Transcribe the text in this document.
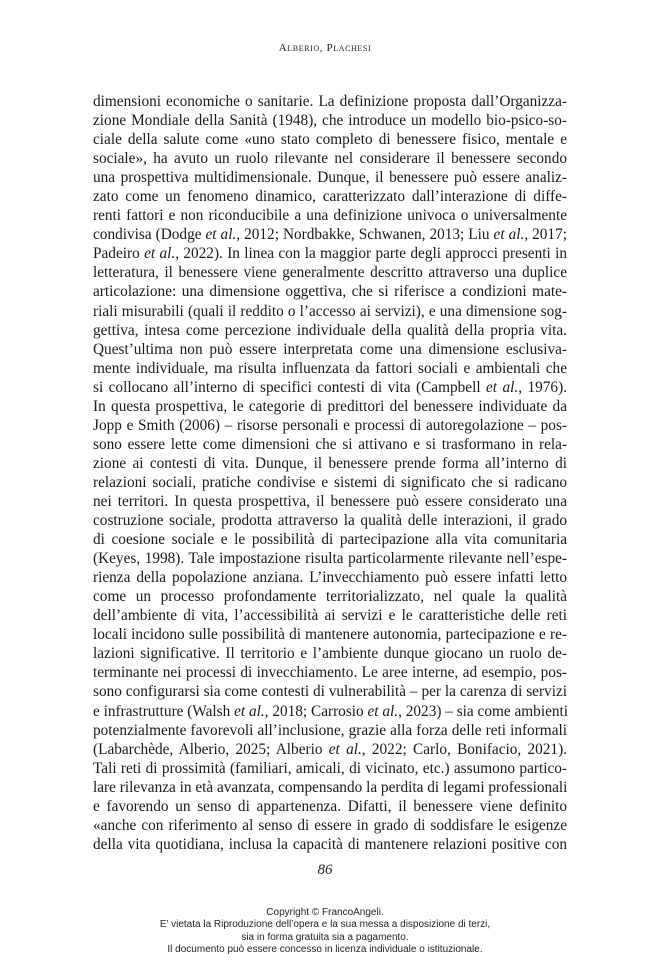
Alberio, Plachesi
dimensioni economiche o sanitarie. La definizione proposta dall’Organizza-
zione Mondiale della Sanità (1948), che introduce un modello bio-psico-so-
ciale della salute come «uno stato completo di benessere fisico, mentale e
sociale», ha avuto un ruolo rilevante nel considerare il benessere secondo
una prospettiva multidimensionale. Dunque, il benessere può essere analiz-
zato come un fenomeno dinamico, caratterizzato dall’interazione di diffe-
renti fattori e non riconducibile a una definizione univoca o universalmente
condivisa (Dodge et al., 2012; Nordbakke, Schwanen, 2013; Liu et al., 2017;
Padeiro et al., 2022). In linea con la maggior parte degli approcci presenti in
letteratura, il benessere viene generalmente descritto attraverso una duplice
articolazione: una dimensione oggettiva, che si riferisce a condizioni mate-
riali misurabili (quali il reddito o l’accesso ai servizi), e una dimensione sog-
gettiva, intesa come percezione individuale della qualità della propria vita.
Quest’ultima non può essere interpretata come una dimensione esclusiva-
mente individuale, ma risulta influenzata da fattori sociali e ambientali che
si collocano all’interno di specifici contesti di vita (Campbell et al., 1976).
In questa prospettiva, le categorie di predittori del benessere individuate da
Jopp e Smith (2006) – risorse personali e processi di autoregolazione – pos-
sono essere lette come dimensioni che si attivano e si trasformano in rela-
zione ai contesti di vita. Dunque, il benessere prende forma all’interno di
relazioni sociali, pratiche condivise e sistemi di significato che si radicano
nei territori. In questa prospettiva, il benessere può essere considerato una
costruzione sociale, prodotta attraverso la qualità delle interazioni, il grado
di coesione sociale e le possibilità di partecipazione alla vita comunitaria
(Keyes, 1998). Tale impostazione risulta particolarmente rilevante nell’espe-
rienza della popolazione anziana. L’invecchiamento può essere infatti letto
come un processo profondamente territorializzato, nel quale la qualità
dell’ambiente di vita, l’accessibilità ai servizi e le caratteristiche delle reti
locali incidono sulle possibilità di mantenere autonomia, partecipazione e re-
lazioni significative. Il territorio e l’ambiente dunque giocano un ruolo de-
terminante nei processi di invecchiamento. Le aree interne, ad esempio, pos-
sono configurarsi sia come contesti di vulnerabilità – per la carenza di servizi
e infrastrutture (Walsh et al., 2018; Carrosio et al., 2023) – sia come ambienti
potenzialmente favorevoli all’inclusione, grazie alla forza delle reti informali
(Labarchède, Alberio, 2025; Alberio et al., 2022; Carlo, Bonifacio, 2021).
Tali reti di prossimità (familiari, amicali, di vicinato, etc.) assumono partico-
lare rilevanza in età avanzata, compensando la perdita di legami professionali
e favorendo un senso di appartenenza. Difatti, il benessere viene definito
«anche con riferimento al senso di essere in grado di soddisfare le esigenze
della vita quotidiana, inclusa la capacità di mantenere relazioni positive con
86
Copyright © FrancoAngeli.
E’ vietata la Riproduzione dell’opera e la sua messa a disposizione di terzi,
sia in forma gratuita sia a pagamento.
Il documento può essere concesso in licenza individuale o istituzionale.
